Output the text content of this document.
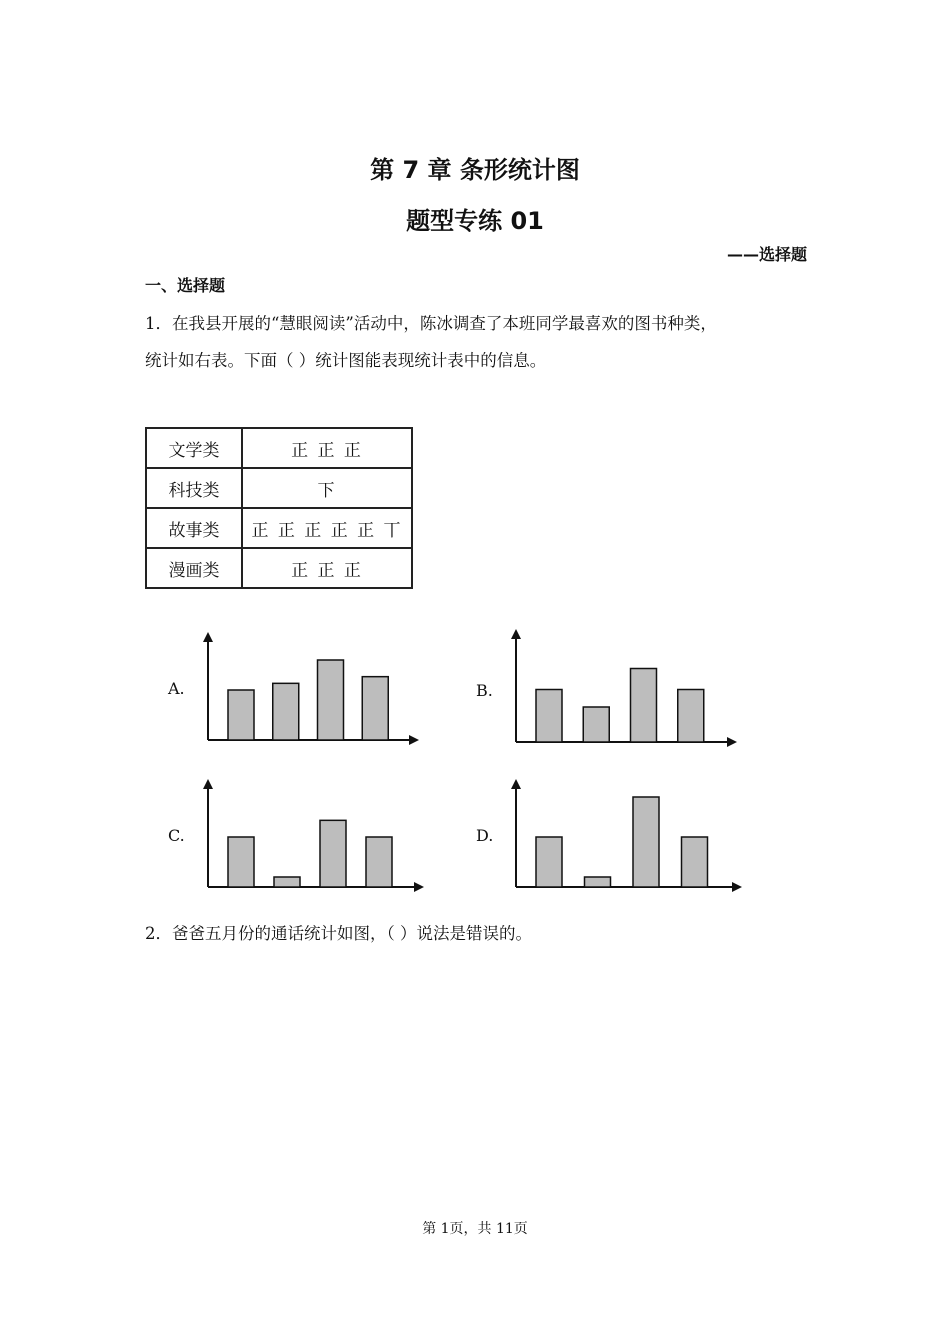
第 7 章 条形统计图
题型专练 01
——选择题
一、选择题
1．在我县开展的“慧眼阅读”活动中，陈冰调查了本班同学最喜欢的图书种类，
统计如右表。下面（ ）统计图能表现统计表中的信息。
文学类	正 正 正
科技类	下
故事类	正 正 正 正 正 丅
漫画类	正 正 正
A.	B.
C.	D.
2．爸爸五月份的通话统计如图，（ ）说法是错误的。
第 1页，共 11页
